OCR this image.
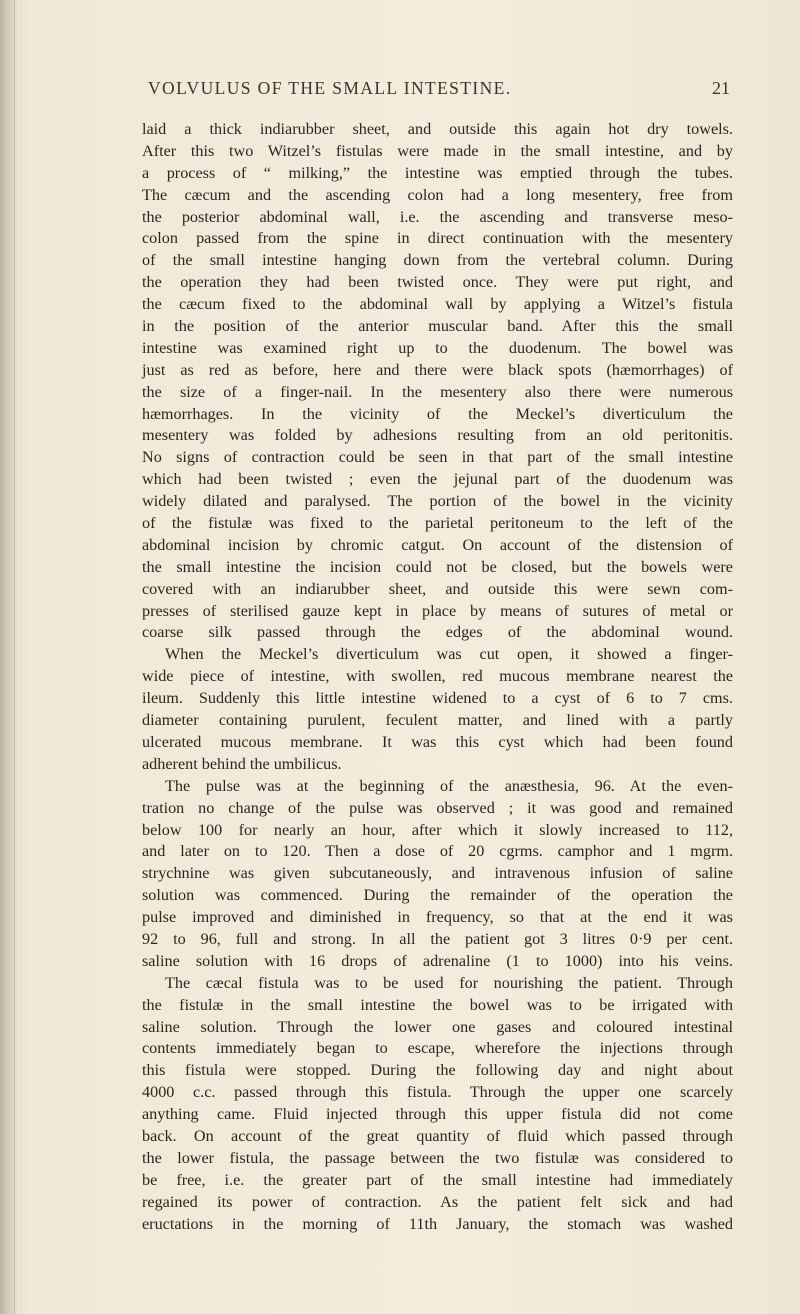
VOLVULUS OF THE SMALL INTESTINE.	21
laid a thick indiarubber sheet, and outside this again hot dry towels.
After this two Witzel’s fistulas were made in the small intestine, and by
a process of “ milking,” the intestine was emptied through the tubes.
The cæcum and the ascending colon had a long mesentery, free from
the posterior abdominal wall, i.e. the ascending and transverse meso-
colon passed from the spine in direct continuation with the mesentery
of the small intestine hanging down from the vertebral column. During
the operation they had been twisted once. They were put right, and
the cæcum fixed to the abdominal wall by applying a Witzel’s fistula
in the position of the anterior muscular band. After this the small
intestine was examined right up to the duodenum. The bowel was
just as red as before, here and there were black spots (hæmorrhages) of
the size of a finger-nail. In the mesentery also there were numerous
hæmorrhages. In the vicinity of the Meckel’s diverticulum the
mesentery was folded by adhesions resulting from an old peritonitis.
No signs of contraction could be seen in that part of the small intestine
which had been twisted ; even the jejunal part of the duodenum was
widely dilated and paralysed. The portion of the bowel in the vicinity
of the fistulæ was fixed to the parietal peritoneum to the left of the
abdominal incision by chromic catgut. On account of the distension of
the small intestine the incision could not be closed, but the bowels were
covered with an indiarubber sheet, and outside this were sewn com-
presses of sterilised gauze kept in place by means of sutures of metal or
coarse silk passed through the edges of the abdominal wound.
When the Meckel’s diverticulum was cut open, it showed a finger-
wide piece of intestine, with swollen, red mucous membrane nearest the
ileum. Suddenly this little intestine widened to a cyst of 6 to 7 cms.
diameter containing purulent, feculent matter, and lined with a partly
ulcerated mucous membrane. It was this cyst which had been found
adherent behind the umbilicus.
The pulse was at the beginning of the anæsthesia, 96. At the even-
tration no change of the pulse was observed ; it was good and remained
below 100 for nearly an hour, after which it slowly increased to 112,
and later on to 120. Then a dose of 20 cgrms. camphor and 1 mgrm.
strychnine was given subcutaneously, and intravenous infusion of saline
solution was commenced. During the remainder of the operation the
pulse improved and diminished in frequency, so that at the end it was
92 to 96, full and strong. In all the patient got 3 litres 0·9 per cent.
saline solution with 16 drops of adrenaline (1 to 1000) into his veins.
The cæcal fistula was to be used for nourishing the patient. Through
the fistulæ in the small intestine the bowel was to be irrigated with
saline solution. Through the lower one gases and coloured intestinal
contents immediately began to escape, wherefore the injections through
this fistula were stopped. During the following day and night about
4000 c.c. passed through this fistula. Through the upper one scarcely
anything came. Fluid injected through this upper fistula did not come
back. On account of the great quantity of fluid which passed through
the lower fistula, the passage between the two fistulæ was considered to
be free, i.e. the greater part of the small intestine had immediately
regained its power of contraction. As the patient felt sick and had
eructations in the morning of 11th January, the stomach was washed
